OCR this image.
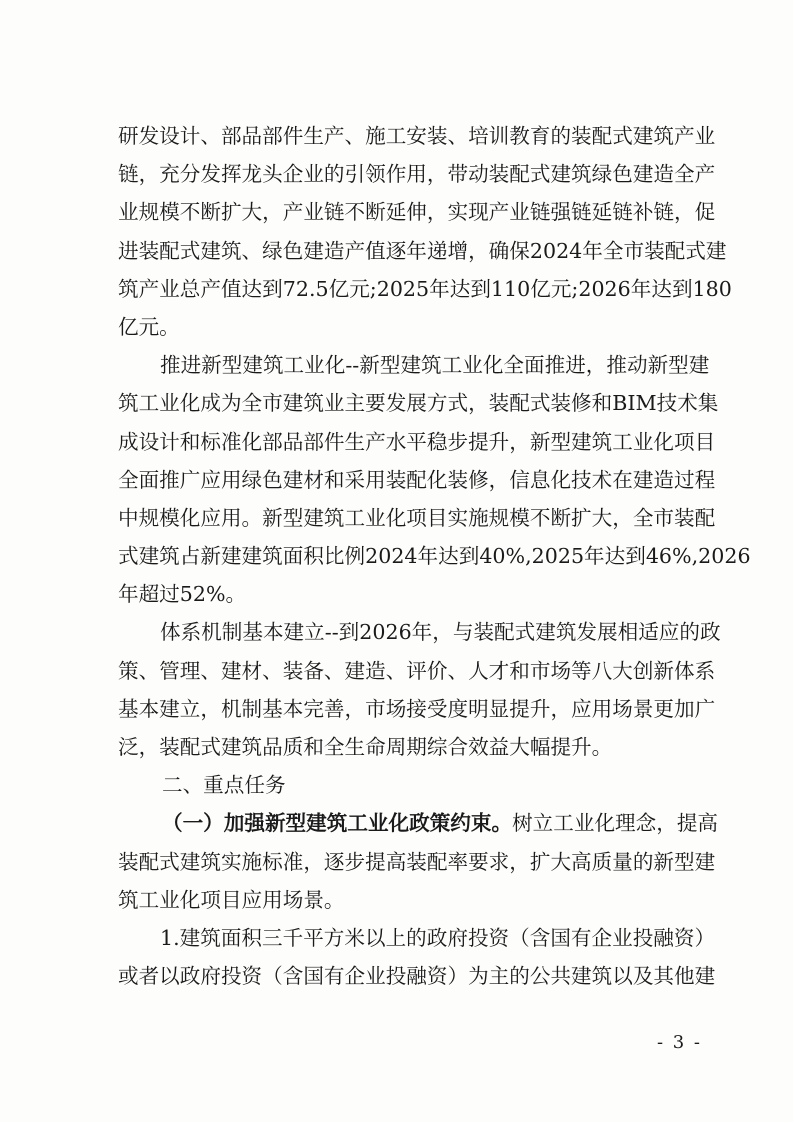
研发设计、部品部件生产、施工安装、培训教育的装配式建筑产业
链，充分发挥龙头企业的引领作用，带动装配式建筑绿色建造全产
业规模不断扩大，产业链不断延伸，实现产业链强链延链补链，促
进装配式建筑、绿色建造产值逐年递增，确保2024年全市装配式建
筑产业总产值达到72.5亿元;2025年达到110亿元;2026年达到180
亿元。
推进新型建筑工业化--新型建筑工业化全面推进，推动新型建
筑工业化成为全市建筑业主要发展方式，装配式装修和BIM技术集
成设计和标准化部品部件生产水平稳步提升，新型建筑工业化项目
全面推广应用绿色建材和采用装配化装修，信息化技术在建造过程
中规模化应用。新型建筑工业化项目实施规模不断扩大，全市装配
式建筑占新建建筑面积比例2024年达到40%,2025年达到46%,2026
年超过52%。
体系机制基本建立--到2026年，与装配式建筑发展相适应的政
策、管理、建材、装备、建造、评价、人才和市场等八大创新体系
基本建立，机制基本完善，市场接受度明显提升，应用场景更加广
泛，装配式建筑品质和全生命周期综合效益大幅提升。
二、重点任务
（一）加强新型建筑工业化政策约束。树立工业化理念，提高
装配式建筑实施标准，逐步提高装配率要求，扩大高质量的新型建
筑工业化项目应用场景。
1.建筑面积三千平方米以上的政府投资（含国有企业投融资）
或者以政府投资（含国有企业投融资）为主的公共建筑以及其他建
- 3 -
